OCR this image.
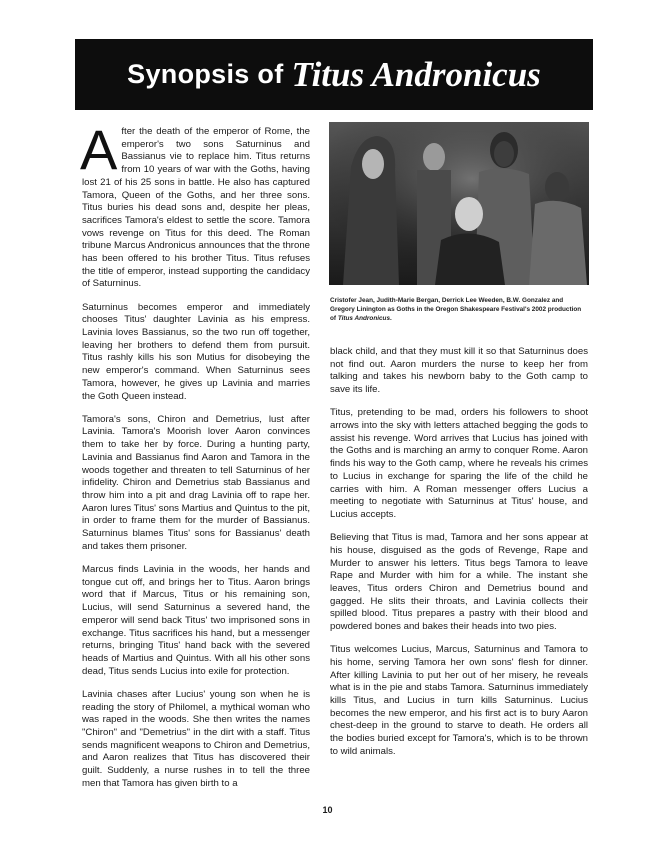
Synopsis of Titus Andronicus

After the death of the emperor of Rome, the emperor's two sons Saturninus and Bassianus vie to replace him. Titus returns from 10 years of war with the Goths, having lost 21 of his 25 sons in battle. He also has captured Tamora, Queen of the Goths, and her three sons. Titus buries his dead sons and, despite her pleas, sacrifices Tamora's eldest to settle the score. Tamora vows revenge on Titus for this deed. The Roman tribune Marcus Andronicus announces that the throne has been offered to his brother Titus. Titus refuses the title of emperor, instead supporting the candidacy of Saturninus.

Saturninus becomes emperor and immediately chooses Titus' daughter Lavinia as his empress. Lavinia loves Bassianus, so the two run off together, leaving her brothers to defend them from pursuit. Titus rashly kills his son Mutius for disobeying the new emperor's command. When Saturninus sees Tamora, however, he gives up Lavinia and marries the Goth Queen instead.

Tamora's sons, Chiron and Demetrius, lust after Lavinia. Tamora's Moorish lover Aaron convinces them to take her by force. During a hunting party, Lavinia and Bassianus find Aaron and Tamora in the woods together and threaten to tell Saturninus of her infidelity. Chiron and Demetrius stab Bassianus and throw him into a pit and drag Lavinia off to rape her. Aaron lures Titus' sons Martius and Quintus to the pit, in order to frame them for the murder of Bassianus. Saturninus blames Titus' sons for Bassianus' death and takes them prisoner.

Marcus finds Lavinia in the woods, her hands and tongue cut off, and brings her to Titus. Aaron brings word that if Marcus, Titus or his remaining son, Lucius, will send Saturninus a severed hand, the emperor will send back Titus' two imprisoned sons in exchange. Titus sacrifices his hand, but a messenger returns, bringing Titus' hand back with the severed heads of Martius and Quintus. With all his other sons dead, Titus sends Lucius into exile for protection.

Lavinia chases after Lucius' young son when he is reading the story of Philomel, a mythical woman who was raped in the woods. She then writes the names "Chiron" and "Demetrius" in the dirt with a staff. Titus sends magnificent weapons to Chiron and Demetrius, and Aaron realizes that Titus has discovered their guilt. Suddenly, a nurse rushes in to tell the three men that Tamora has given birth to a

Cristofer Jean, Judith-Marie Bergan, Derrick Lee Weeden, B.W. Gonzalez and Gregory Linington as Goths in the Oregon Shakespeare Festival's 2002 production of Titus Andronicus.

black child, and that they must kill it so that Saturninus does not find out. Aaron murders the nurse to keep her from talking and takes his newborn baby to the Goth camp to save its life.

Titus, pretending to be mad, orders his followers to shoot arrows into the sky with letters attached begging the gods to assist his revenge. Word arrives that Lucius has joined with the Goths and is marching an army to conquer Rome. Aaron finds his way to the Goth camp, where he reveals his crimes to Lucius in exchange for sparing the life of the child he carries with him. A Roman messenger offers Lucius a meeting to negotiate with Saturninus at Titus' house, and Lucius accepts.

Believing that Titus is mad, Tamora and her sons appear at his house, disguised as the gods of Revenge, Rape and Murder to answer his letters. Titus begs Tamora to leave Rape and Murder with him for a while. The instant she leaves, Titus orders Chiron and Demetrius bound and gagged. He slits their throats, and Lavinia collects their spilled blood. Titus prepares a pastry with their blood and powdered bones and bakes their heads into two pies.

Titus welcomes Lucius, Marcus, Saturninus and Tamora to his home, serving Tamora her own sons' flesh for dinner. After killing Lavinia to put her out of her misery, he reveals what is in the pie and stabs Tamora. Saturninus immediately kills Titus, and Lucius in turn kills Saturninus. Lucius becomes the new emperor, and his first act is to bury Aaron chest-deep in the ground to starve to death. He orders all the bodies buried except for Tamora's, which is to be thrown to wild animals.

10
